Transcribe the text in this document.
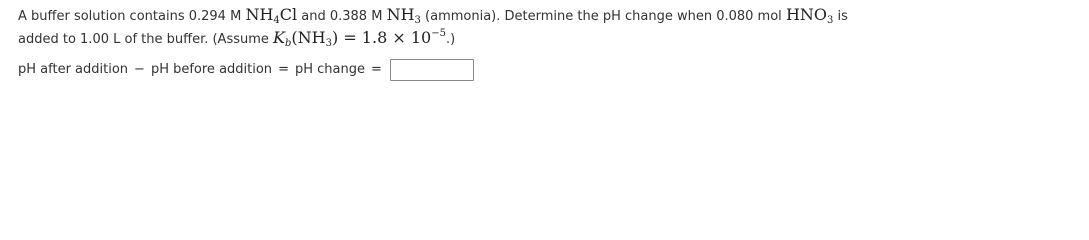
A buffer solution contains 0.294 M $NH_4Cl$ and 0.388 M $NH_3$ (ammonia). Determine the pH change when 0.080 mol $HNO_3$ is
added to 1.00 L of the buffer. (Assume $K_b(NH_3) = 1.8 \times 10^{-5}$.)
pH after addition − pH before addition = pH change =
